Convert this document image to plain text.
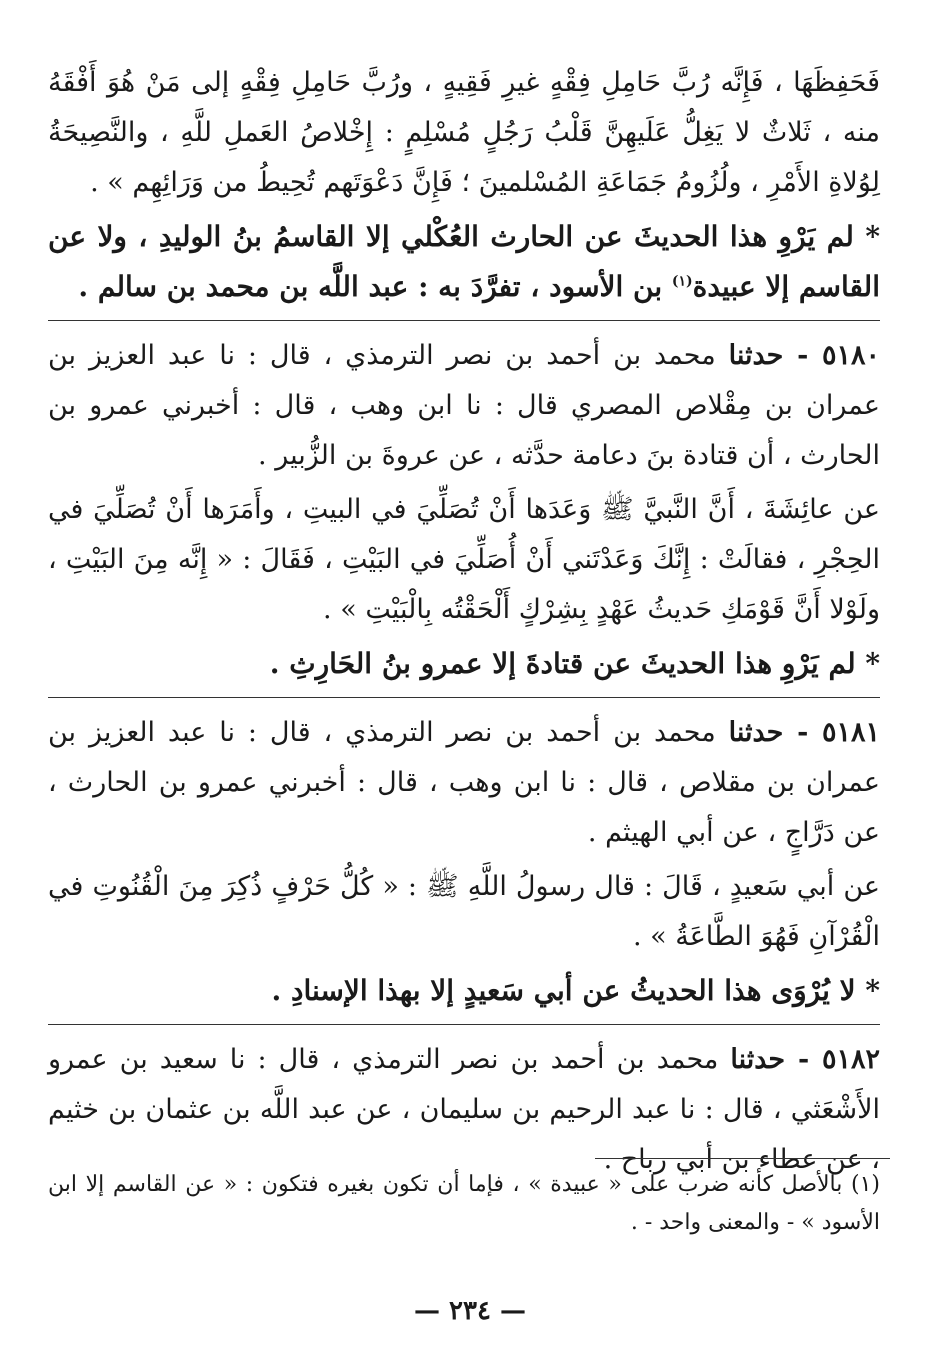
فَحَفِظَهَا ، فَإِنَّه رُبَّ حَامِلِ فِقْهٍ غيرِ فَقِيهٍ ، ورُبَّ حَامِلِ فِقْهٍ إلى مَنْ هُوَ أَفْقَهُ منه ، ثَلاثٌ لا يَغِلُّ عَلَيهِنَّ قَلْبُ رَجُلٍ مُسْلِمٍ : إِخْلاصُ العَملِ للَّهِ ، والنَّصِيحَةُ لِوُلاةِ الأَمْرِ ، ولُزُومُ جَمَاعَةِ المُسْلمينَ ؛ فَإِنَّ دَعْوَتَهم تُحِيطُ من وَرَائِهِم » .

* لم يَرْوِ هذا الحديثَ عن الحارث العُكْلي إلا القاسمُ بنُ الوليدِ ، ولا عن القاسم إلا عبيدة$^{(١)}$ بن الأسود ، تفرَّدَ به : عبد اللَّه بن محمد بن سالم .

٥١٨٠ - حدثنا محمد بن أحمد بن نصر الترمذي ، قال : نا عبد العزيز بن عمران بن مِقْلاص المصري قال : نا ابن وهب ، قال : أخبرني عمرو بن الحارث ، أن قتادة بنَ دعامة حدَّثه ، عن عروةَ بن الزُّبير .

عن عائِشَةَ ، أَنَّ النَّبيَّ ﷺ وَعَدَها أَنْ تُصَلِّيَ في البيتِ ، وأَمَرَها أَنْ تُصَلِّيَ في الحِجْرِ ، فقالَتْ : إِنَّكَ وَعَدْتَني أَنْ أُصَلِّيَ في البَيْتِ ، فَقَالَ : « إِنَّه مِنَ البَيْتِ ، ولَوْلا أَنَّ قَوْمَكِ حَديثُ عَهْدٍ بِشِرْكٍ أَلْحَقْتُه بِالْبَيْتِ » .

* لم يَرْوِ هذا الحديثَ عن قتادةَ إلا عمرو بنُ الحَارِثِ .

٥١٨١ - حدثنا محمد بن أحمد بن نصر الترمذي ، قال : نا عبد العزيز بن عمران بن مقلاص ، قال : نا ابن وهب ، قال : أخبرني عمرو بن الحارث ، عن دَرَّاجٍ ، عن أبي الهيثم .

عن أبي سَعيدٍ ، قَالَ : قال رسولُ اللَّهِ ﷺ : « كُلُّ حَرْفٍ ذُكِرَ مِنَ الْقُنُوتِ في الْقُرْآنِ فَهُوَ الطَّاعَةُ » .

* لا يُرْوَى هذا الحديثُ عن أبي سَعيدٍ إلا بهذا الإسنادِ .

٥١٨٢ - حدثنا محمد بن أحمد بن نصر الترمذي ، قال : نا سعيد بن عمرو الأَشْعَثي ، قال : نا عبد الرحيم بن سليمان ، عن عبد اللَّه بن عثمان بن خثيم ، عن عطاء بن أبي رباح .

(١) بالأصل كأنه ضرب على « عبيدة » ، فإما أن تكون بغيره فتكون : « عن القاسم إلا ابن الأسود » - والمعنى واحد - .
— ٢٣٤ —
